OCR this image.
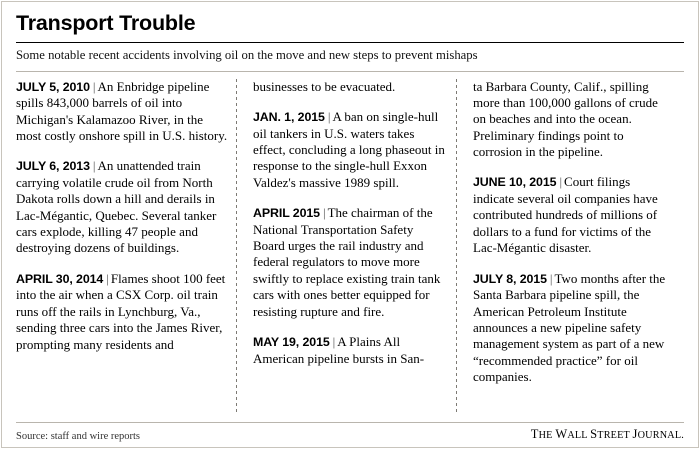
Transport Trouble
Some notable recent accidents involving oil on the move and new steps to prevent mishaps
JULY 5, 2010 | An Enbridge pipeline spills 843,000 barrels of oil into Michigan's Kalamazoo River, in the most costly onshore spill in U.S. history.
JULY 6, 2013 | An unattended train carrying volatile crude oil from North Dakota rolls down a hill and derails in Lac-Mégantic, Quebec. Several tanker cars explode, killing 47 people and destroying dozens of buildings.
APRIL 30, 2014 | Flames shoot 100 feet into the air when a CSX Corp. oil train runs off the rails in Lynchburg, Va., sending three cars into the James River, prompting many residents and
businesses to be evacuated.
JAN. 1, 2015 | A ban on single-hull oil tankers in U.S. waters takes effect, concluding a long phaseout in response to the single-hull Exxon Valdez's massive 1989 spill.
APRIL 2015 | The chairman of the National Transportation Safety Board urges the rail industry and federal regulators to move more swiftly to replace existing train tank cars with ones better equipped for resisting rupture and fire.
MAY 19, 2015 | A Plains All American pipeline bursts in San-
ta Barbara County, Calif., spilling more than 100,000 gallons of crude on beaches and into the ocean. Preliminary findings point to corrosion in the pipeline.
JUNE 10, 2015 | Court filings indicate several oil companies have contributed hundreds of millions of dollars to a fund for victims of the Lac-Mégantic disaster.
JULY 8, 2015 | Two months after the Santa Barbara pipeline spill, the American Petroleum Institute announces a new pipeline safety management system as part of a new “recommended practice” for oil companies.
Source: staff and wire reports	THE WALL STREET JOURNAL.
